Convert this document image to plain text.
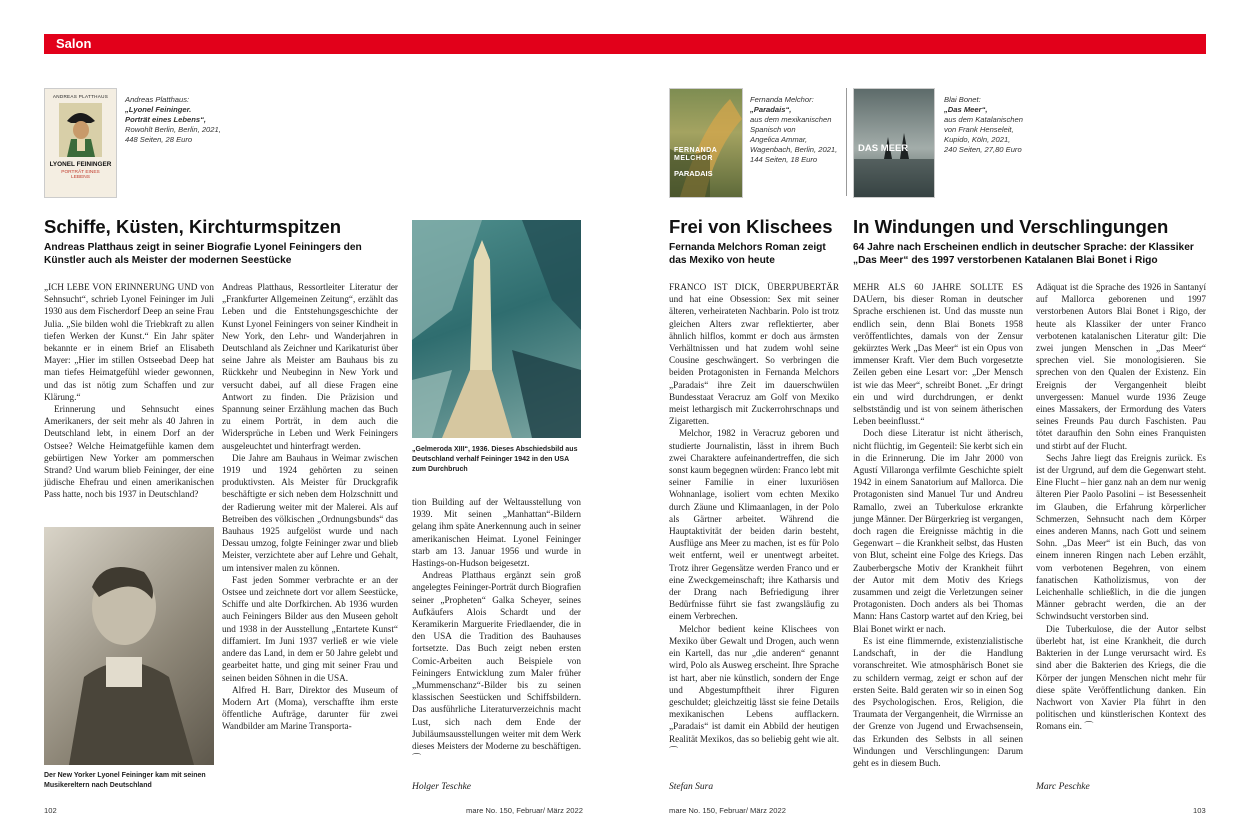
Salon
ANDREAS PLATTHAUS
LYONEL FEININGER
PORTRÄT EINES LEBENS
Andreas Platthaus:
„Lyonel Feininger.
Porträt eines Lebens“,
Rowohlt Berlin, Berlin, 2021,
448 Seiten, 28 Euro
Schiffe, Küsten, Kirchturmspitzen
Andreas Platthaus zeigt in seiner Biografie Lyonel Feiningers den
Künstler auch als Meister der modernen Seestücke

„ICH LEBE VON ERINNERUNG UND von Sehnsucht“, schrieb Lyonel Feininger im Juli 1930 aus dem Fischerdorf Deep an seine Frau Julia. „Sie bilden wohl die Triebkraft zu allen tiefen Werken der Kunst.“ Ein Jahr später bekannte er in einem Brief an Elisabeth Mayer: „Hier im stillen Ostseebad Deep hat man tiefes Heimatgefühl wieder gewonnen, und das ist nötig zum Schaffen und zur Klärung.“

Erinnerung und Sehnsucht eines Amerikaners, der seit mehr als 40 Jahren in Deutschland lebt, in einem Dorf an der Ostsee? Welche Heimatgefühle kamen dem gebürtigen New Yorker am pommerschen Strand? Und warum blieb Feininger, der eine jüdische Ehefrau und einen amerikanischen Pass hatte, noch bis 1937 in Deutschland?

Der New Yorker Lyonel Feininger kam mit seinen Musikereltern nach Deutschland

Andreas Platthaus, Ressortleiter Literatur der „Frankfurter Allgemeinen Zeitung“, erzählt das Leben und die Entstehungsgeschichte der Kunst Lyonel Feiningers von seiner Kindheit in New York, den Lehr- und Wanderjahren in Deutschland als Zeichner und Karikaturist über seine Jahre als Meister am Bauhaus bis zu Rückkehr und Neubeginn in New York und versucht dabei, auf all diese Fragen eine Antwort zu finden. Die Präzision und Spannung seiner Erzählung machen das Buch zu einem Porträt, in dem auch die Widersprüche in Leben und Werk Feiningers ausgeleuchtet und hinterfragt werden.

Die Jahre am Bauhaus in Weimar zwischen 1919 und 1924 gehörten zu seinen produktivsten. Als Meister für Druckgrafik beschäftigte er sich neben dem Holzschnitt und der Radierung weiter mit der Malerei. Als auf Betreiben des völkischen „Ordnungsbunds“ das Bauhaus 1925 aufgelöst wurde und nach Dessau umzog, folgte Feininger zwar und blieb Meister, verzichtete aber auf Lehre und Gehalt, um intensiver malen zu können.

Fast jeden Sommer verbrachte er an der Ostsee und zeichnete dort vor allem Seestücke, Schiffe und alte Dorfkirchen. Ab 1936 wurden auch Feiningers Bilder aus den Museen geholt und 1938 in der Ausstellung „Entartete Kunst“ diffamiert. Im Juni 1937 verließ er wie viele andere das Land, in dem er 50 Jahre gelebt und gearbeitet hatte, und ging mit seiner Frau und seinen beiden Söhnen in die USA.

Alfred H. Barr, Direktor des Museum of Modern Art (Moma), verschaffte ihm erste öffentliche Aufträge, darunter für zwei Wandbilder am Marine Transporta-

„Gelmeroda XIII“, 1936. Dieses Abschiedsbild aus Deutschland verhalf Feininger 1942 in den USA zum Durchbruch

tion Building auf der Weltausstellung von 1939. Mit seinen „Manhattan“-Bildern gelang ihm späte Anerkennung auch in seiner amerikanischen Heimat. Lyonel Feininger starb am 13. Januar 1956 und wurde in Hastings-on-Hudson beigesetzt.

Andreas Platthaus ergänzt sein groß angelegtes Feininger-Porträt durch Biografien seiner „Propheten“ Galka Scheyer, seines Aufkäufers Alois Schardt und der Keramikerin Marguerite Friedlaender, die in den USA die Tradition des Bauhauses fortsetzte. Das Buch zeigt neben ersten Comic-Arbeiten auch Beispiele von Feiningers Entwicklung zum Maler früher „Mummenschanz“-Bilder bis zu seinen klassischen Seestücken und Schiffsbildern. Das ausführliche Literaturverzeichnis macht Lust, sich nach dem Ende der Jubiläumsausstellungen weiter mit dem Werk dieses Meisters der Moderne zu beschäftigen. ⌒

Holger Teschke
102	mare No. 150, Februar/ März 2022
FERNANDA MELCHOR
PARADAIS
Fernanda Melchor:
„Paradais“,
aus dem mexikanischen
Spanisch von
Angelica Ammar,
Wagenbach, Berlin, 2021,
144 Seiten, 18 Euro
DAS MEER
Blai Bonet:
„Das Meer“,
aus dem Katalanischen
von Frank Henseleit,
Kupido, Köln, 2021,
240 Seiten, 27,80 Euro
Frei von Klischees
Fernanda Melchors Roman zeigt
das Mexiko von heute

FRANCO IST DICK, ÜBERPUBERTÄR und hat eine Obsession: Sex mit seiner älteren, verheirateten Nachbarin. Polo ist trotz gleichen Alters zwar reflektierter, aber ähnlich hilflos, kommt er doch aus ärmsten Verhältnissen und hat zudem wohl seine Cousine geschwängert. So verbringen die beiden Protagonisten in Fernanda Melchors „Paradais“ ihre Zeit im dauerschwülen Bundesstaat Veracruz am Golf von Mexiko meist lethargisch mit Zuckerrohrschnaps und Zigaretten.

Melchor, 1982 in Veracruz geboren und studierte Journalistin, lässt in ihrem Buch zwei Charaktere aufeinandertreffen, die sich sonst kaum begegnen würden: Franco lebt mit seiner Familie in einer luxuriösen Wohnanlage, isoliert vom echten Mexiko durch Zäune und Klimaanlagen, in der Polo als Gärtner arbeitet. Während die Hauptaktivität der beiden darin besteht, Ausflüge ans Meer zu machen, ist es für Polo weit entfernt, weil er unentwegt arbeitet. Trotz ihrer Gegensätze werden Franco und er eine Zweckgemeinschaft; ihre Katharsis und der Drang nach Befriedigung ihrer Bedürfnisse führt sie fast zwangsläufig zu einem Verbrechen.

Melchor bedient keine Klischees von Mexiko über Gewalt und Drogen, auch wenn ein Kartell, das nur „die anderen“ genannt wird, Polo als Ausweg erscheint. Ihre Sprache ist hart, aber nie künstlich, sondern der Enge und Abgestumpftheit ihrer Figuren geschuldet; gleichzeitig lässt sie feine Details mexikanischen Lebens aufflackern. „Paradais“ ist damit ein Abbild der heutigen Realität Mexikos, das so beliebig geht wie alt. ⌒

Stefan Sura
In Windungen und Verschlingungen
64 Jahre nach Erscheinen endlich in deutscher Sprache: der Klassiker
„Das Meer“ des 1997 verstorbenen Katalanen Blai Bonet i Rigo

MEHR ALS 60 JAHRE SOLLTE ES DAUern, bis dieser Roman in deutscher Sprache erschienen ist. Und das musste nun endlich sein, denn Blai Bonets 1958 veröffentlichtes, damals von der Zensur gekürztes Werk „Das Meer“ ist ein Opus von immenser Kraft. Vier dem Buch vorgesetzte Zeilen geben eine Lesart vor: „Der Mensch ist wie das Meer“, schreibt Bonet. „Er dringt ein und wird durchdrungen, er denkt selbstständig und ist von seinem ätherischen Leben beeinflusst.“

Doch diese Literatur ist nicht ätherisch, nicht flüchtig, im Gegenteil: Sie kerbt sich ein in die Erinnerung. Die im Jahr 2000 von Agustí Villaronga verfilmte Geschichte spielt 1942 in einem Sanatorium auf Mallorca. Die Protagonisten sind Manuel Tur und Andreu Ramallo, zwei an Tuberkulose erkrankte junge Männer. Der Bürgerkrieg ist vergangen, doch ragen die Ereignisse mächtig in die Gegenwart – die Krankheit selbst, das Husten von Blut, scheint eine Folge des Kriegs. Das Zauberbergsche Motiv der Krankheit führt der Autor mit dem Motiv des Kriegs zusammen und zeigt die Verletzungen seiner Protagonisten. Doch anders als bei Thomas Mann: Hans Castorp wartet auf den Krieg, bei Blai Bonet wirkt er nach.

Es ist eine flimmernde, existenzialistische Landschaft, in der die Handlung voranschreitet. Wie atmosphärisch Bonet sie zu schildern vermag, zeigt er schon auf der ersten Seite. Bald geraten wir so in einen Sog des Psychologischen. Eros, Religion, die Traumata der Vergangenheit, die Wirrnisse an der Grenze von Jugend und Erwachsensein, das Erkunden des Selbsts in all seinen Windungen und Verschlingungen: Darum geht es in diesem Buch.

Adäquat ist die Sprache des 1926 in Santanyí auf Mallorca geborenen und 1997 verstorbenen Autors Blai Bonet i Rigo, der heute als Klassiker der unter Franco verbotenen katalanischen Literatur gilt: Die zwei jungen Menschen in „Das Meer“ sprechen viel. Sie monologisieren. Sie sprechen von den Qualen der Existenz. Ein Ereignis der Vergangenheit bleibt unvergessen: Manuel wurde 1936 Zeuge eines Massakers, der Ermordung des Vaters seines Freunds Pau durch Faschisten. Pau tötet daraufhin den Sohn eines Franquisten und stirbt auf der Flucht.

Sechs Jahre liegt das Ereignis zurück. Es ist der Urgrund, auf dem die Gegenwart steht. Eine Flucht – hier ganz nah an dem nur wenig älteren Pier Paolo Pasolini – ist Besessenheit im Glauben, die Erfahrung körperlicher Schmerzen, Sehnsucht nach dem Körper eines anderen Manns, nach Gott und seinem Sohn. „Das Meer“ ist ein Buch, das von einem inneren Ringen nach Leben erzählt, vom verbotenen Begehren, von einem fanatischen Katholizismus, von der Leichenhalle schließlich, in die die jungen Männer gebracht werden, die an der Schwindsucht verstorben sind.

Die Tuberkulose, die der Autor selbst überlebt hat, ist eine Krankheit, die durch Bakterien in der Lunge verursacht wird. Es sind aber die Bakterien des Kriegs, die die Körper der jungen Menschen nicht mehr für diese späte Veröffentlichung danken. Ein Nachwort von Xavier Pla führt in den politischen und künstlerischen Kontext des Romans ein. ⌒

Marc Peschke
mare No. 150, Februar/ März 2022	103
